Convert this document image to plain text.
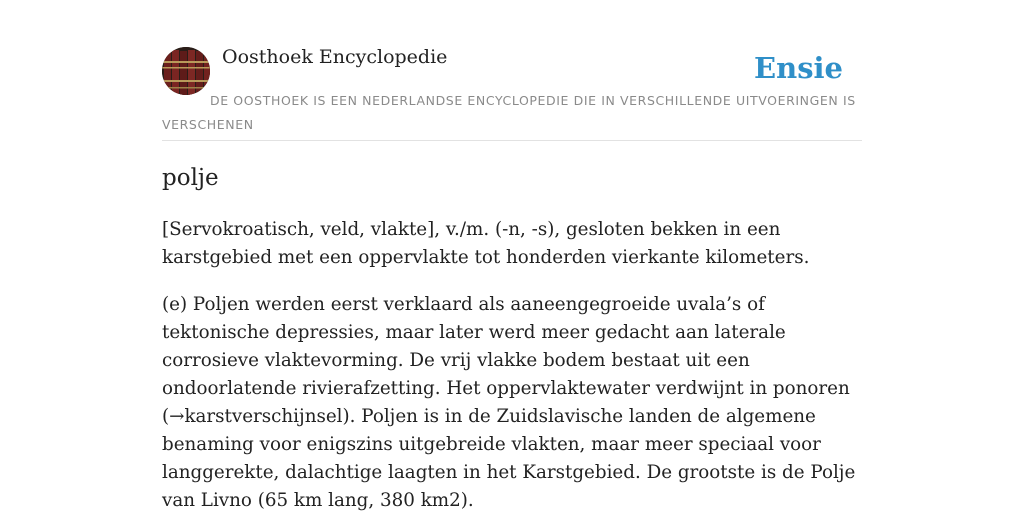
Oosthoek Encyclopedie	Ensie
DE OOSTHOEK IS EEN NEDERLANDSE ENCYCLOPEDIE DIE IN VERSCHILLENDE UITVOERINGEN IS VERSCHENEN
polje

[Servokroatisch, veld, vlakte], v./m. (-n, -s), gesloten bekken in een karstgebied met een oppervlakte tot honderden vierkante kilometers.

(e) Poljen werden eerst verklaard als aaneengegroeide uvala’s of tektonische depressies, maar later werd meer gedacht aan laterale corrosieve vlaktevorming. De vrij vlakke bodem bestaat uit een ondoorlatende rivierafzetting. Het oppervlaktewater verdwijnt in ponoren (→karstverschijnsel). Poljen is in de Zuidslavische landen de algemene benaming voor enigszins uitgebreide vlakten, maar meer speciaal voor langgerekte, dalachtige laagten in het Karstgebied. De grootste is de Polje van Livno (65 km lang, 380 km2).
